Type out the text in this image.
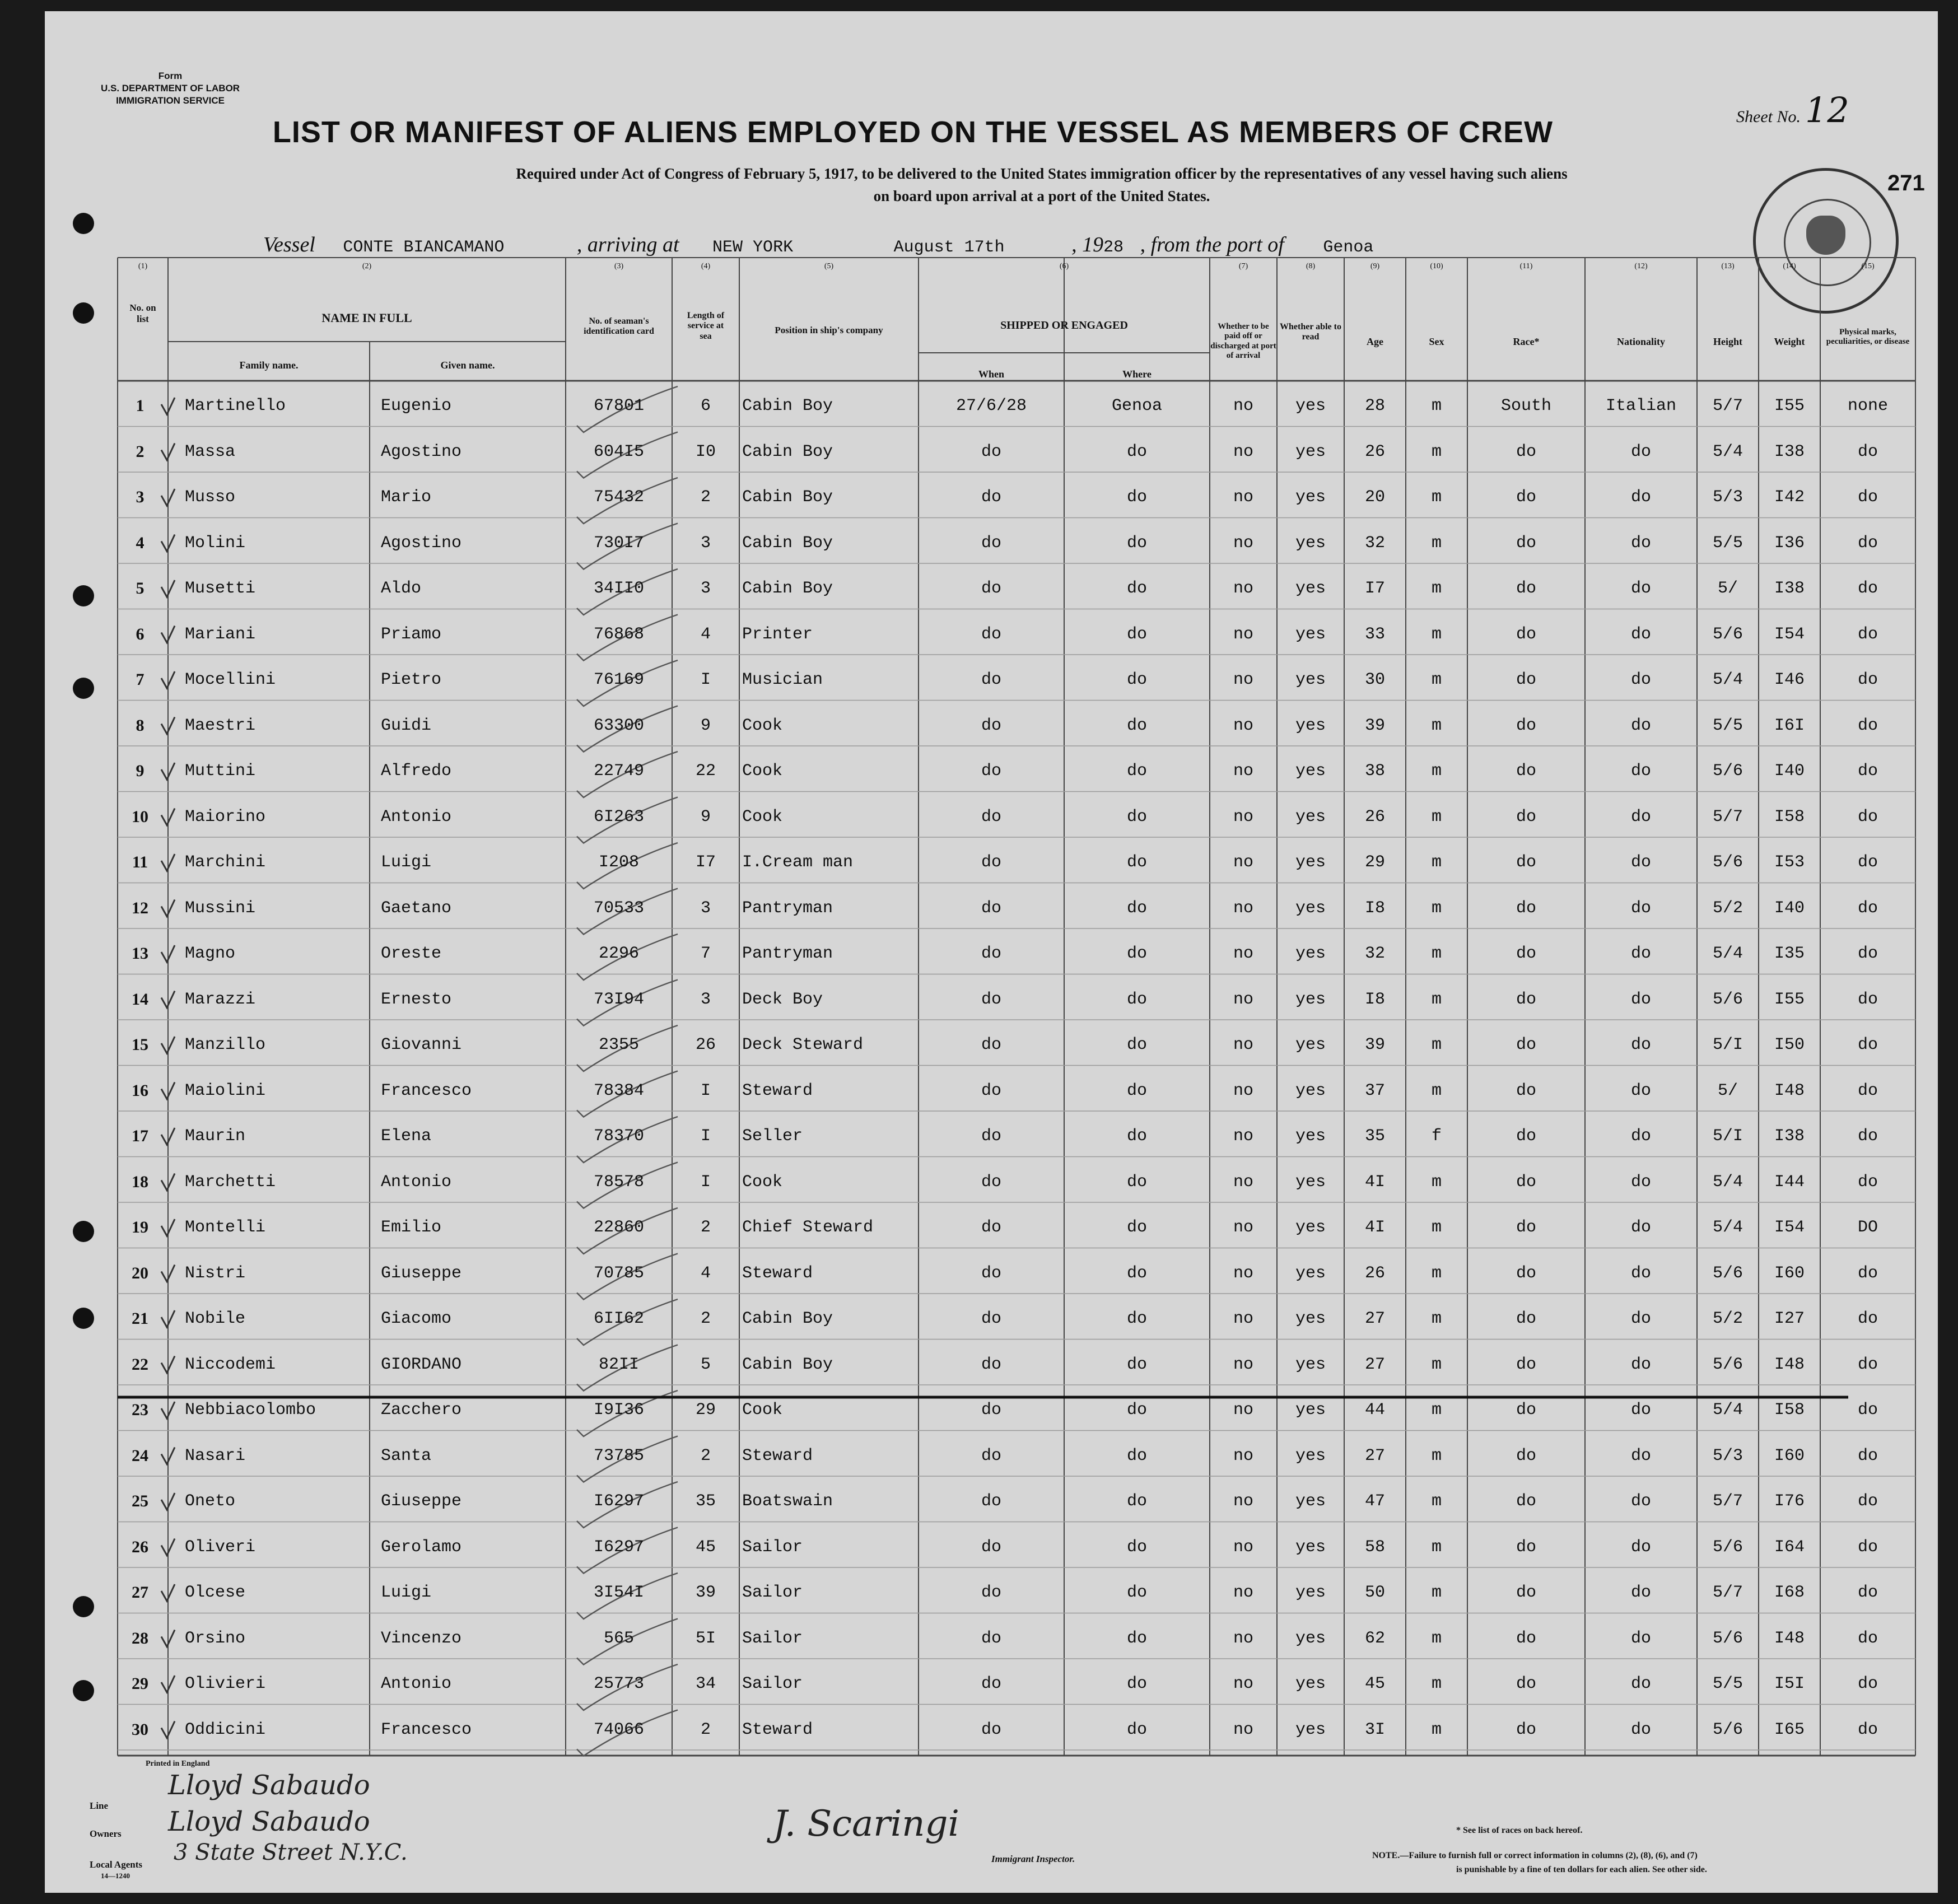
Form
U.S. DEPARTMENT OF LABOR
IMMIGRATION SERVICE
Sheet No. 12
LIST OR MANIFEST OF ALIENS EMPLOYED ON THE VESSEL AS MEMBERS OF CREW
Required under Act of Congress of February 5, 1917, to be delivered to the United States immigration officer by the representatives of any vessel having such aliens
on board upon arrival at a port of the United States.
271
Vessel CONTE BIANCAMANO	, arriving at NEW YORK	August 17th	, 1928 , from the port of Genoa
(1)	(2)	(3)	(4)	(5)	(6)	(7)	(8)	(9)	(10)	(11)	(12)	(13)	(14)	(15)
No. on list	NAME IN FULL
Family name.	Given name.
No. of seaman's identification card
Length of service at sea
Position in ship's company	SHIPPED OR ENGAGED
When	Where
Whether to be paid off or discharged at port of arrival
Whether able to read	Age	Sex	Race*	Nationality	Height	Weight
Physical marks, peculiarities, or disease
1	Martinello	Eugenio	67801	6	Cabin Boy	27/6/28	Genoa	no	yes	28	m	South	Italian	5/7	I55	none
2	Massa	Agostino	604I5	I0	Cabin Boy	do	do	no	yes	26	m	do	do	5/4	I38	do
3	Musso	Mario	75432	2	Cabin Boy	do	do	no	yes	20	m	do	do	5/3	I42	do
4	Molini	Agostino	730I7	3	Cabin Boy	do	do	no	yes	32	m	do	do	5/5	I36	do
5	Musetti	Aldo	34II0	3	Cabin Boy	do	do	no	yes	I7	m	do	do	5/	I38	do
6	Mariani	Priamo	76868	4	Printer	do	do	no	yes	33	m	do	do	5/6	I54	do
7	Mocellini	Pietro	76169	I	Musician	do	do	no	yes	30	m	do	do	5/4	I46	do
8	Maestri	Guidi	63300	9	Cook	do	do	no	yes	39	m	do	do	5/5	I6I	do
9	Muttini	Alfredo	22749	22	Cook	do	do	no	yes	38	m	do	do	5/6	I40	do
10	Maiorino	Antonio	6I263	9	Cook	do	do	no	yes	26	m	do	do	5/7	I58	do
11	Marchini	Luigi	I208	I7	I.Cream man	do	do	no	yes	29	m	do	do	5/6	I53	do
12	Mussini	Gaetano	70533	3	Pantryman	do	do	no	yes	I8	m	do	do	5/2	I40	do
13	Magno	Oreste	2296	7	Pantryman	do	do	no	yes	32	m	do	do	5/4	I35	do
14	Marazzi	Ernesto	73I94	3	Deck Boy	do	do	no	yes	I8	m	do	do	5/6	I55	do
15	Manzillo	Giovanni	2355	26	Deck Steward	do	do	no	yes	39	m	do	do	5/I	I50	do
16	Maiolini	Francesco	78384	I	Steward	do	do	no	yes	37	m	do	do	5/	I48	do
17	Maurin	Elena	78370	I	Seller	do	do	no	yes	35	f	do	do	5/I	I38	do
18	Marchetti	Antonio	78578	I	Cook	do	do	no	yes	4I	m	do	do	5/4	I44	do
19	Montelli	Emilio	22860	2	Chief Steward	do	do	no	yes	4I	m	do	do	5/4	I54	DO
20	Nistri	Giuseppe	70785	4	Steward	do	do	no	yes	26	m	do	do	5/6	I60	do
21	Nobile	Giacomo	6II62	2	Cabin Boy	do	do	no	yes	27	m	do	do	5/2	I27	do
22	Niccodemi	GIORDANO	82II	5	Cabin Boy	do	do	no	yes	27	m	do	do	5/6	I48	do
23	Nebbiacolombo	Zacchero	I9I36	29	Cook	do	do	no	yes	44	m	do	do	5/4	I58	do
24	Nasari	Santa	73785	2	Steward	do	do	no	yes	27	m	do	do	5/3	I60	do
25	Oneto	Giuseppe	I6297	35	Boatswain	do	do	no	yes	47	m	do	do	5/7	I76	do
26	Oliveri	Gerolamo	I6297	45	Sailor	do	do	no	yes	58	m	do	do	5/6	I64	do
27	Olcese	Luigi	3I54I	39	Sailor	do	do	no	yes	50	m	do	do	5/7	I68	do
28	Orsino	Vincenzo	565	5I	Sailor	do	do	no	yes	62	m	do	do	5/6	I48	do
29	Olivieri	Antonio	25773	34	Sailor	do	do	no	yes	45	m	do	do	5/5	I5I	do
30	Oddicini	Francesco	74066	2	Steward	do	do	no	yes	3I	m	do	do	5/6	I65	do
Printed in England
Line
Lloyd Sabaudo
Owners Lloyd Sabaudo
Local Agents
14—1240
3 State Street N.Y.C.
J. Scaringi
Immigrant Inspector.
* See list of races on back hereof.
NOTE.—Failure to furnish full or correct information in columns (2), (8), (6), and (7)
is punishable by a fine of ten dollars for each alien. See other side.
